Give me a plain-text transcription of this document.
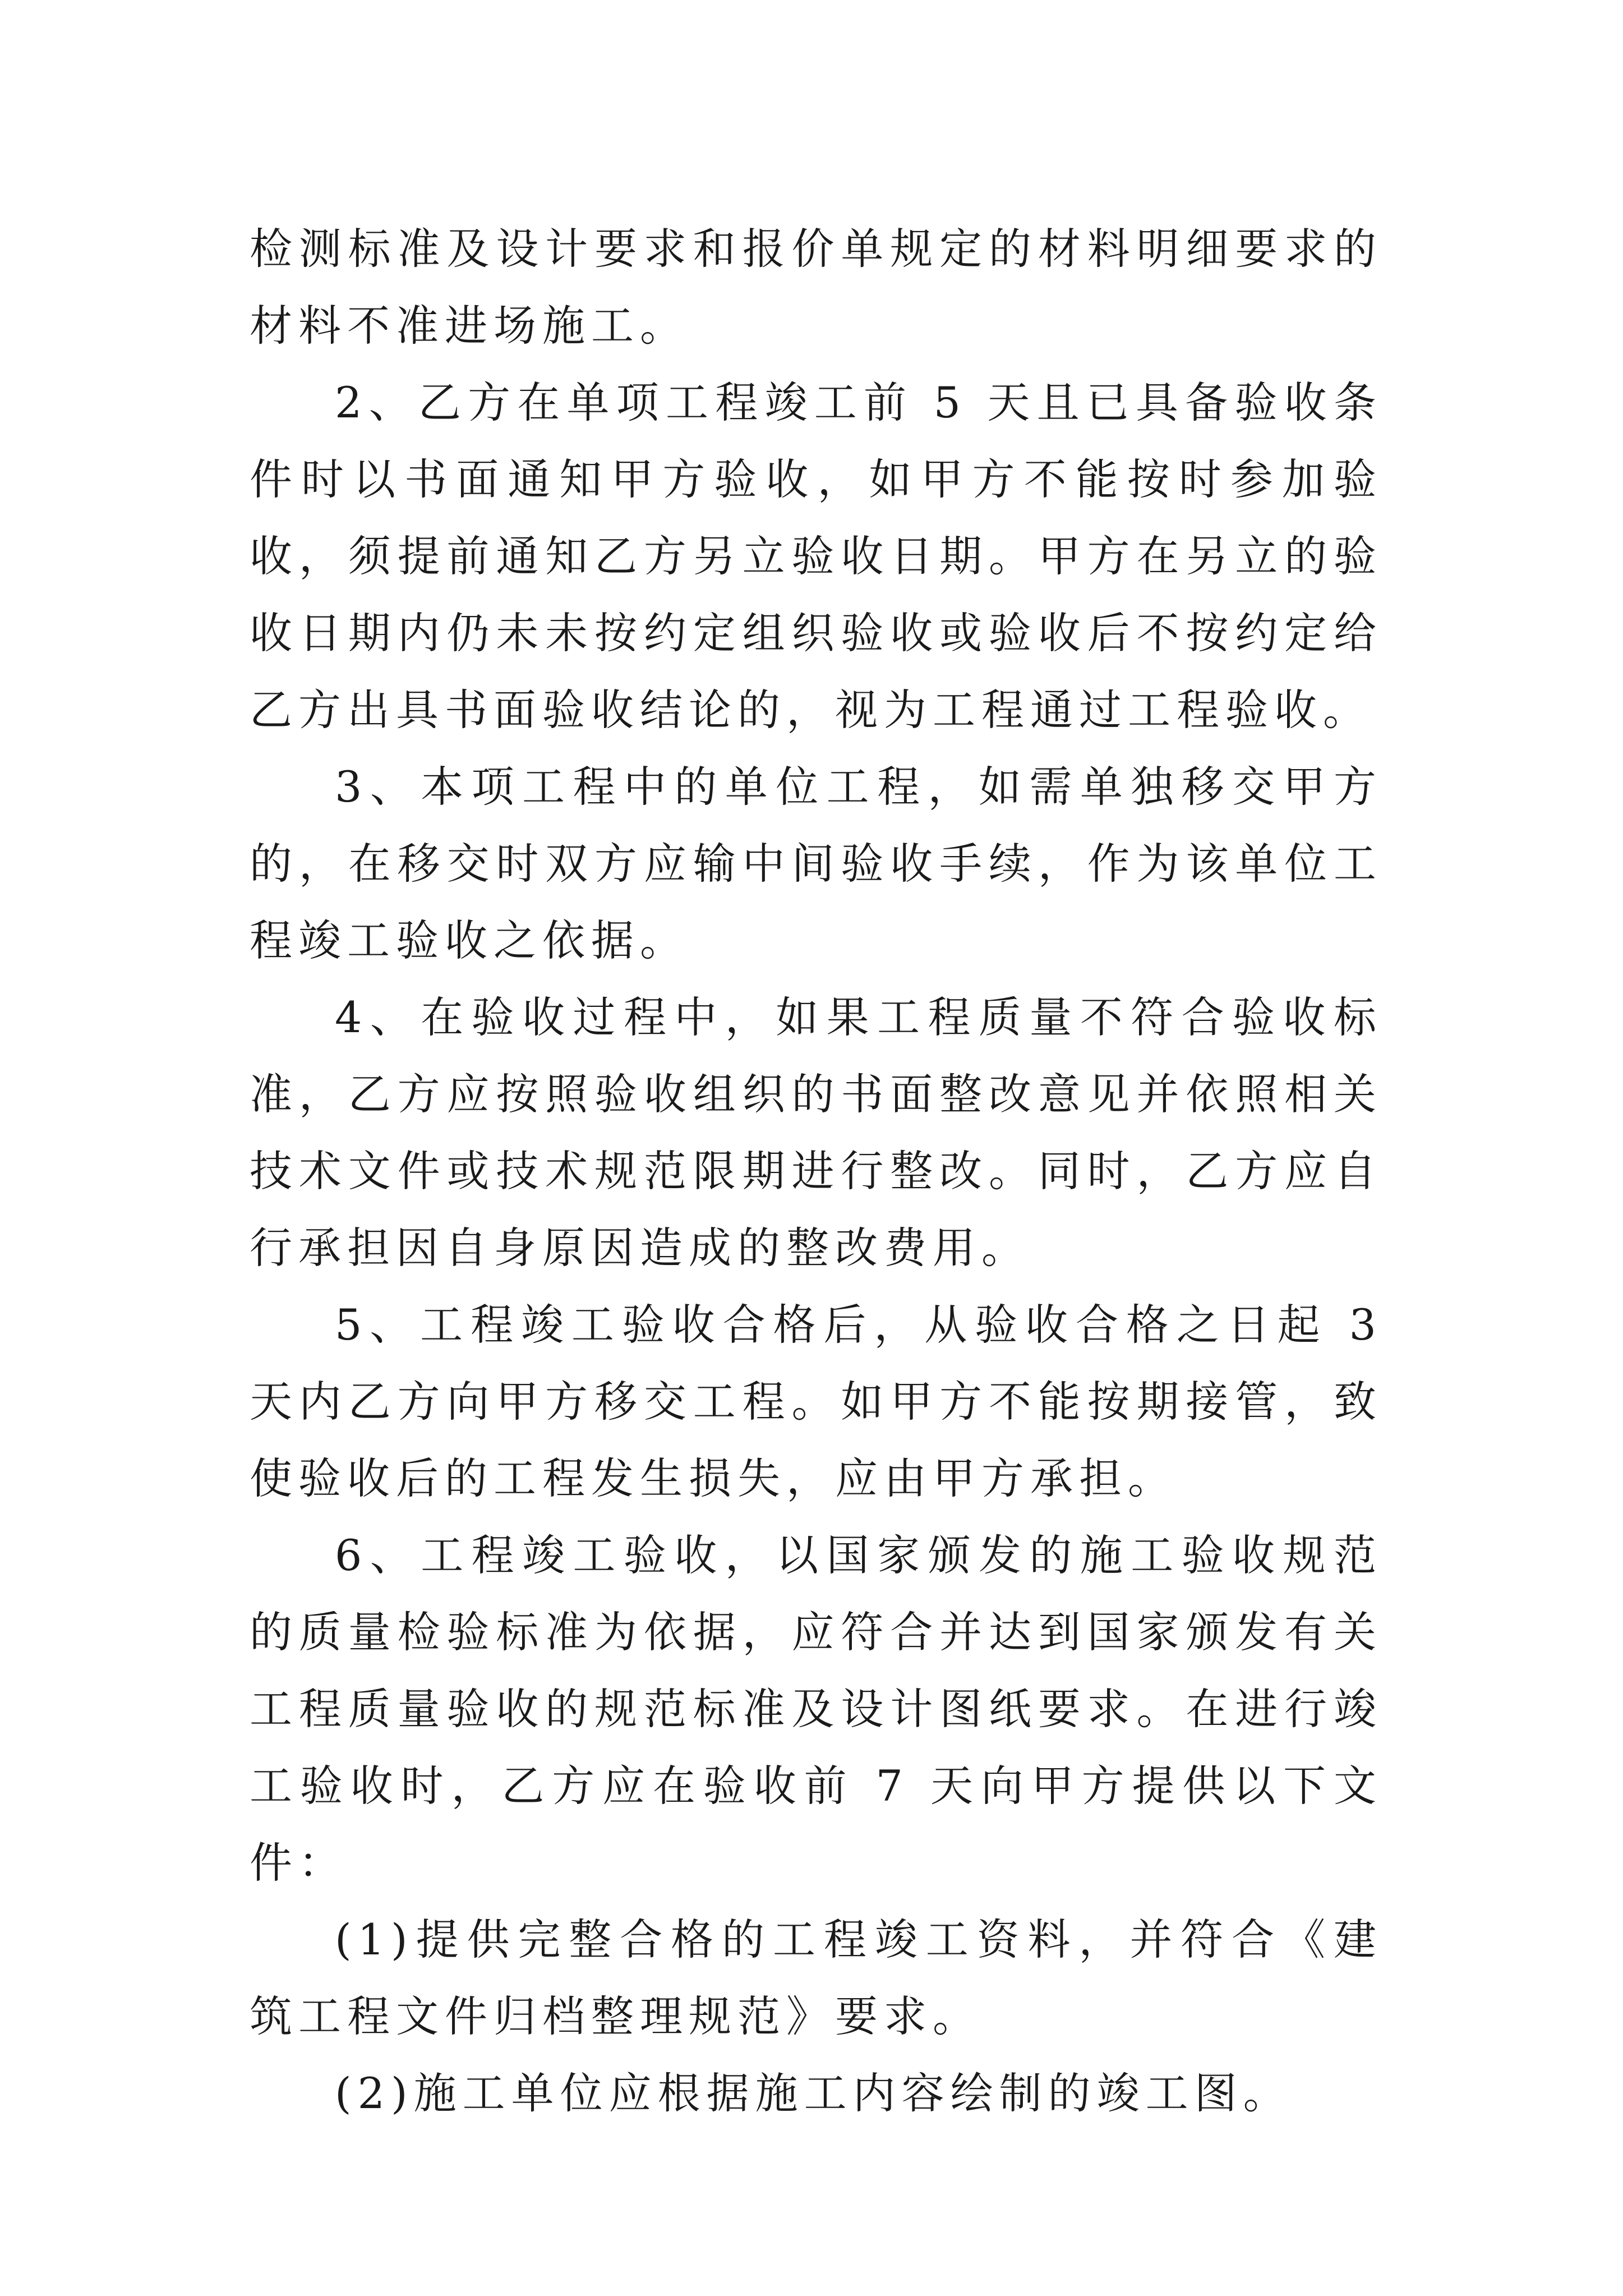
检测标准及设计要求和报价单规定的材料明细要求的材料不准进场施工。

2、乙方在单项工程竣工前 5 天且已具备验收条件时以书面通知甲方验收，如甲方不能按时参加验收，须提前通知乙方另立验收日期。甲方在另立的验收日期内仍未未按约定组织验收或验收后不按约定给乙方出具书面验收结论的，视为工程通过工程验收。

3、本项工程中的单位工程，如需单独移交甲方的，在移交时双方应输中间验收手续，作为该单位工程竣工验收之依据。

4、在验收过程中，如果工程质量不符合验收标准，乙方应按照验收组织的书面整改意见并依照相关技术文件或技术规范限期进行整改。同时，乙方应自行承担因自身原因造成的整改费用。

5、工程竣工验收合格后，从验收合格之日起 3 天内乙方向甲方移交工程。如甲方不能按期接管，致使验收后的工程发生损失，应由甲方承担。

6、工程竣工验收，以国家颁发的施工验收规范的质量检验标准为依据，应符合并达到国家颁发有关工程质量验收的规范标准及设计图纸要求。在进行竣工验收时，乙方应在验收前 7 天向甲方提供以下文件：

(1)提供完整合格的工程竣工资料，并符合《建筑工程文件归档整理规范》要求。

(2)施工单位应根据施工内容绘制的竣工图。
